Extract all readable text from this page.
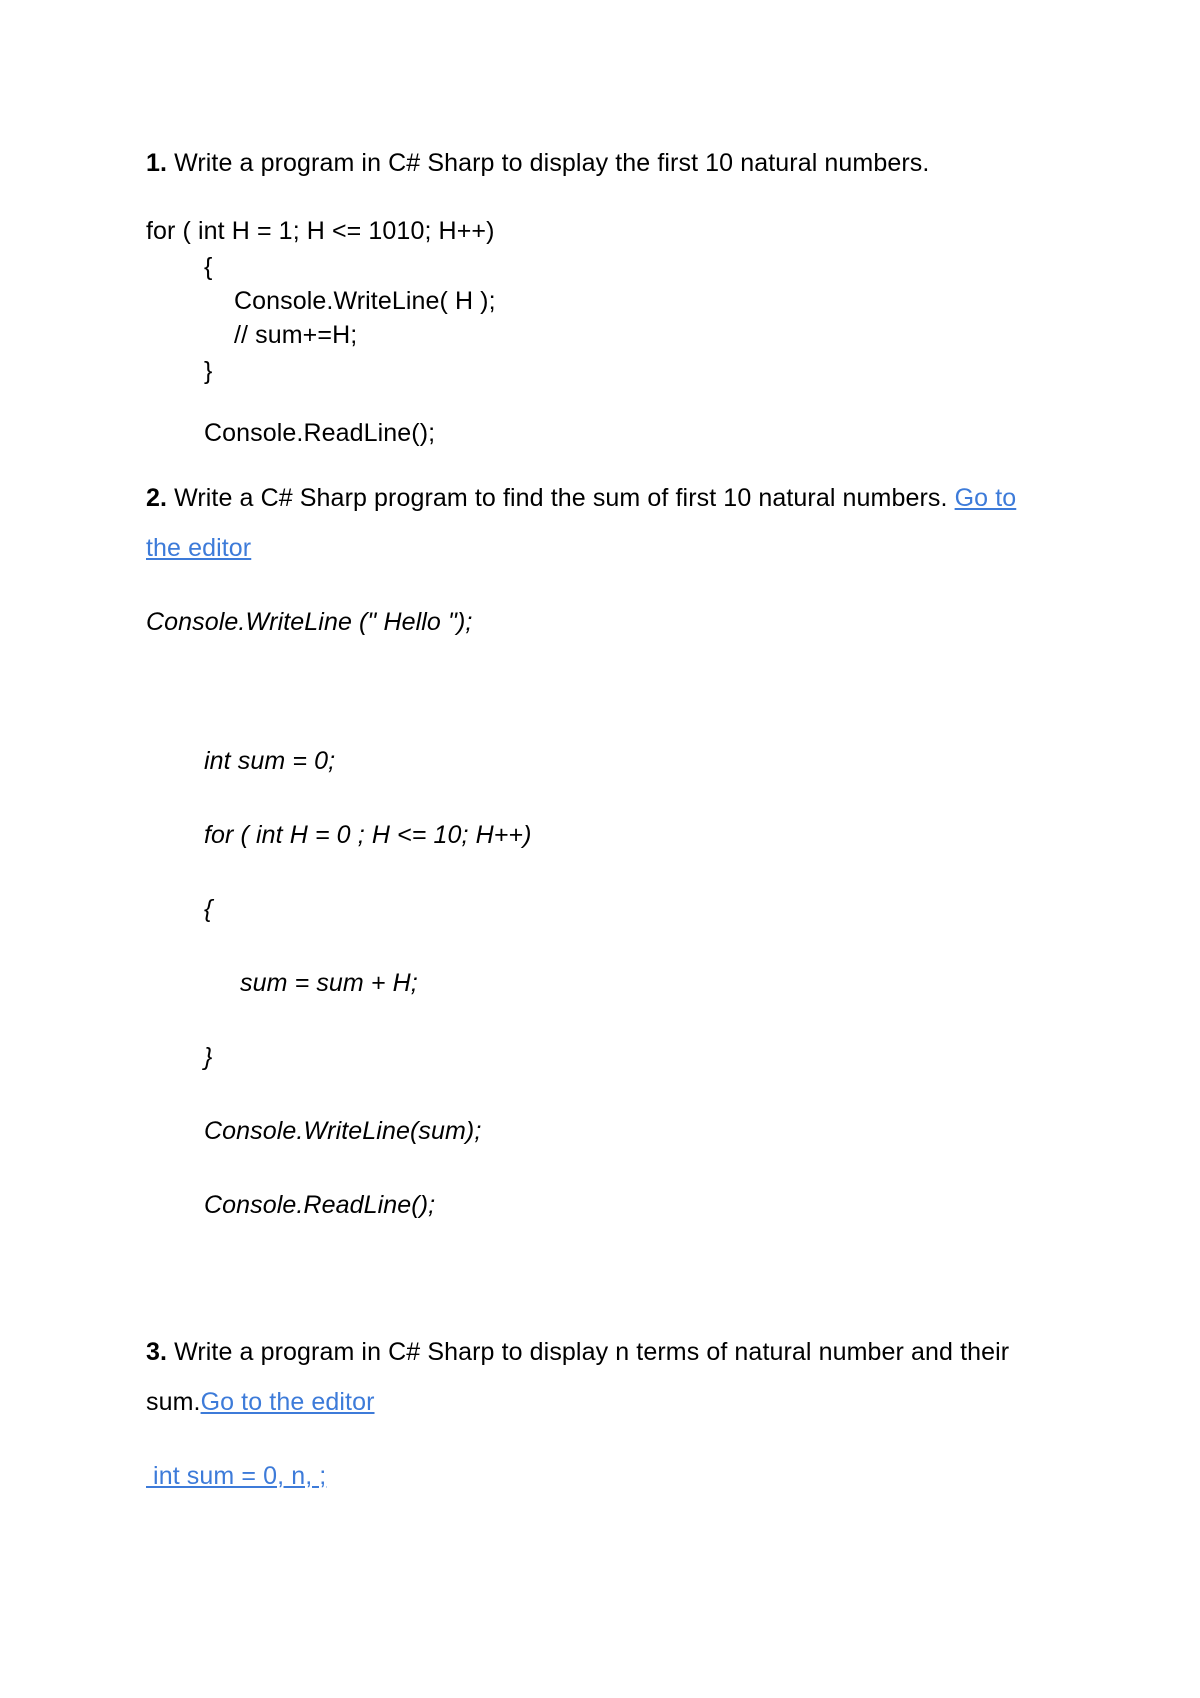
1. Write a program in C# Sharp to display the first 10 natural numbers.
for ( int H = 1; H <= 1010; H++)
{
Console.WriteLine( H );
// sum+=H;
}
Console.ReadLine();
2. Write a C# Sharp program to find the sum of first 10 natural numbers. Go to
the editor
Console.WriteLine (" Hello ");
int sum = 0;
for ( int H = 0 ; H <= 10; H++)
{
sum = sum + H;
}
Console.WriteLine(sum);
Console.ReadLine();
3. Write a program in C# Sharp to display n terms of natural number and their
sum.Go to the editor
int sum = 0, n, ;
